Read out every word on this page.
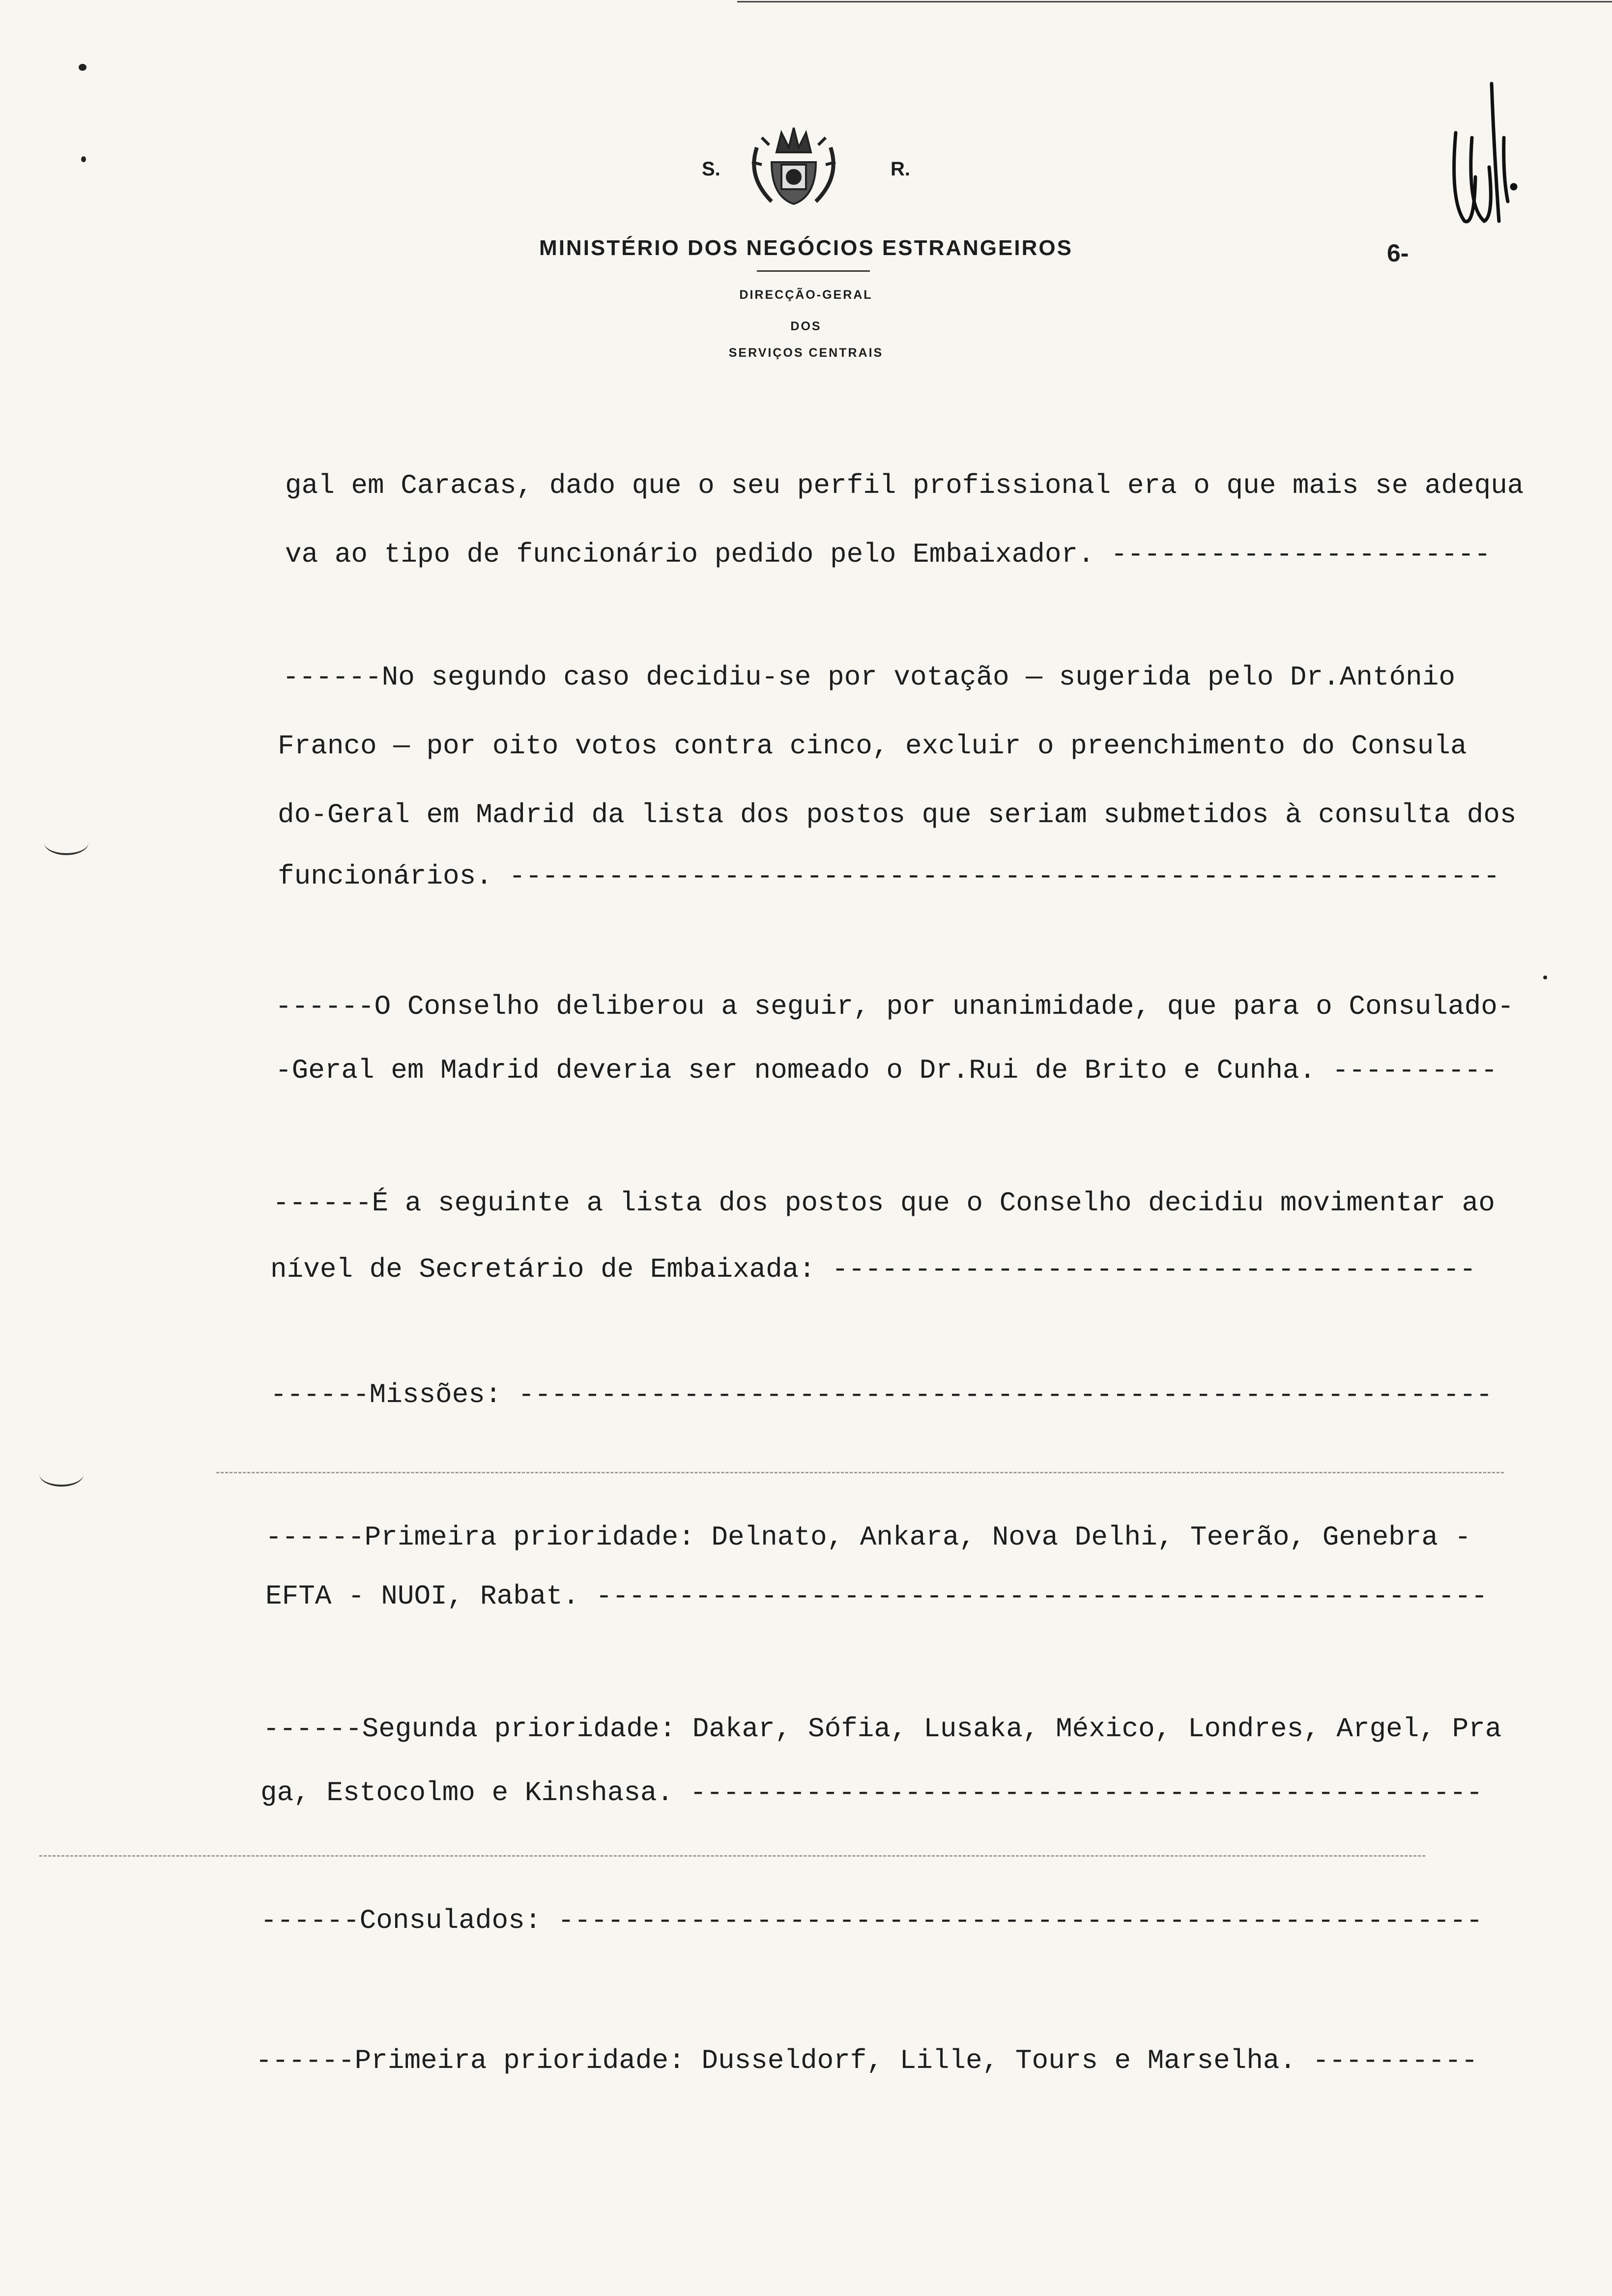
S.	R.
MINISTÉRIO DOS NEGÓCIOS ESTRANGEIROS
DIRECÇÃO-GERAL
DOS
SERVIÇOS CENTRAIS
6-
gal em Caracas, dado que o seu perfil profissional era o que mais se adequa
va ao tipo de funcionário pedido pelo Embaixador. -----------------------
------No segundo caso decidiu-se por votação — sugerida pelo Dr.António
Franco — por oito votos contra cinco, excluir o preenchimento do Consula
do-Geral em Madrid da lista dos postos que seriam submetidos à consulta dos
funcionários. ------------------------------------------------------------
------O Conselho deliberou a seguir, por unanimidade, que para o Consulado-
-Geral em Madrid deveria ser nomeado o Dr.Rui de Brito e Cunha. ----------
------É a seguinte a lista dos postos que o Conselho decidiu movimentar ao
nível de Secretário de Embaixada: ---------------------------------------
------Missões: -----------------------------------------------------------
------Primeira prioridade: Delnato, Ankara, Nova Delhi, Teerão, Genebra -
EFTA - NUOI, Rabat. ------------------------------------------------------
------Segunda prioridade: Dakar, Sófia, Lusaka, México, Londres, Argel, Pra
ga, Estocolmo e Kinshasa. ------------------------------------------------
------Consulados: --------------------------------------------------------
------Primeira prioridade: Dusseldorf, Lille, Tours e Marselha. ----------
